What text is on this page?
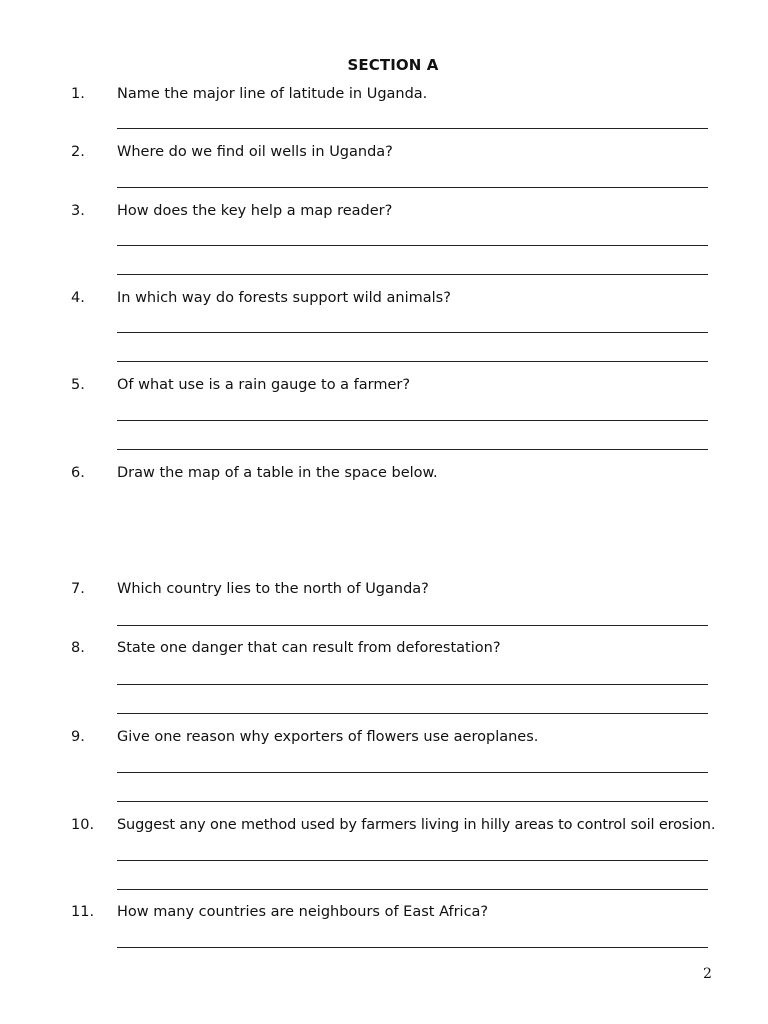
SECTION A
1. Name the major line of latitude in Uganda.
2. Where do we find oil wells in Uganda?
3. How does the key help a map reader?
4. In which way do forests support wild animals?
5. Of what use is a rain gauge to a farmer?
6. Draw the map of a table in the space below.
7. Which country lies to the north of Uganda?
8. State one danger that can result from deforestation?
9. Give one reason why exporters of flowers use aeroplanes.
10. Suggest any one method used by farmers living in hilly areas to control soil erosion.
11. How many countries are neighbours of East Africa?
2
